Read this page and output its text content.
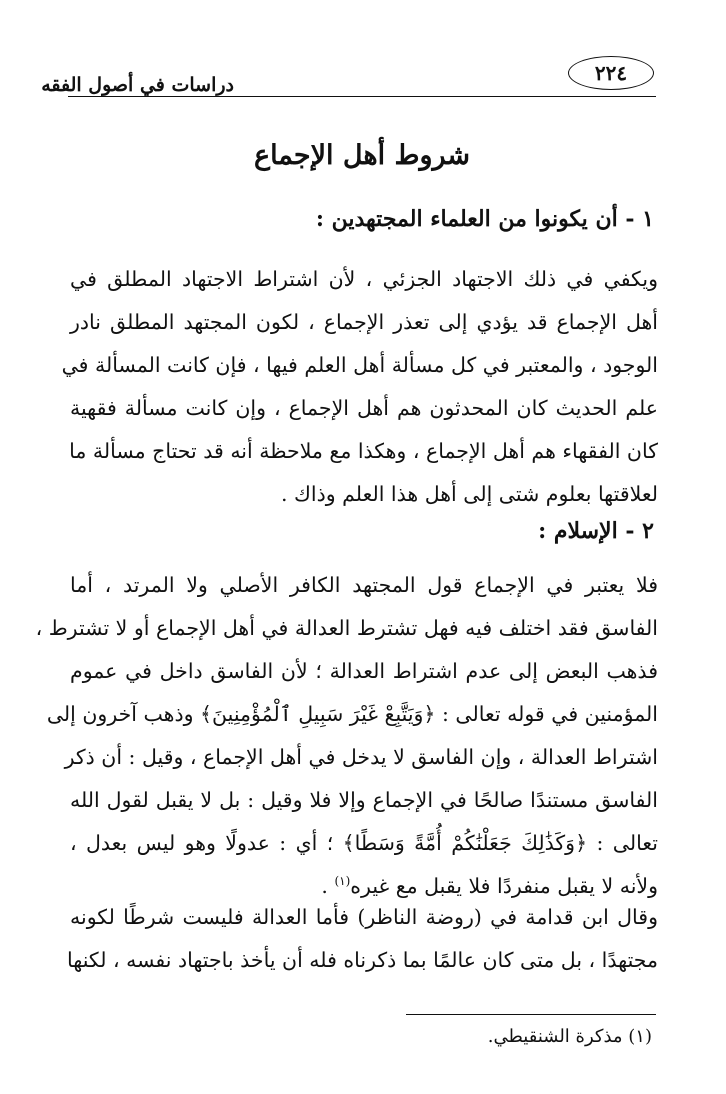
دراسات في أصول الفقه	٢٢٤
شروط أهل الإجماع
١ - أن يكونوا من العلماء المجتهدين :
ويكفي في ذلك الاجتهاد الجزئي ، لأن اشتراط الاجتهاد المطلق في
أهل الإجماع قد يؤدي إلى تعذر الإجماع ، لكون المجتهد المطلق نادر
الوجود ، والمعتبر في كل مسألة أهل العلم فيها ، فإن كانت المسألة في
علم الحديث كان المحدثون هم أهل الإجماع ، وإن كانت مسألة فقهية
كان الفقهاء هم أهل الإجماع ، وهكذا مع ملاحظة أنه قد تحتاج مسألة ما
لعلاقتها بعلوم شتى إلى أهل هذا العلم وذاك .
٢ - الإسلام :
فلا يعتبر في الإجماع قول المجتهد الكافر الأصلي ولا المرتد ، أما
الفاسق فقد اختلف فيه فهل تشترط العدالة في أهل الإجماع أو لا تشترط ،
فذهب البعض إلى عدم اشتراط العدالة ؛ لأن الفاسق داخل في عموم
المؤمنين في قوله تعالى : ﴿وَيَتَّبِعْ غَيْرَ سَبِيلِ ٱلْمُؤْمِنِينَ﴾ وذهب آخرون إلى
اشتراط العدالة ، وإن الفاسق لا يدخل في أهل الإجماع ، وقيل : أن ذكر
الفاسق مستندًا صالحًا في الإجماع وإلا فلا وقيل : بل لا يقبل لقول الله
تعالى : ﴿وَكَذَٰلِكَ جَعَلْنَٰكُمْ أُمَّةً وَسَطًا﴾ ؛ أي : عدولًا وهو ليس بعدل ،
ولأنه لا يقبل منفردًا فلا يقبل مع غيره$^{(١)}$ .
وقال ابن قدامة في (روضة الناظر) فأما العدالة فليست شرطًا لكونه
مجتهدًا ، بل متى كان عالمًا بما ذكرناه فله أن يأخذ باجتهاد نفسه ، لكنها
(١) مذكرة الشنقيطي.
